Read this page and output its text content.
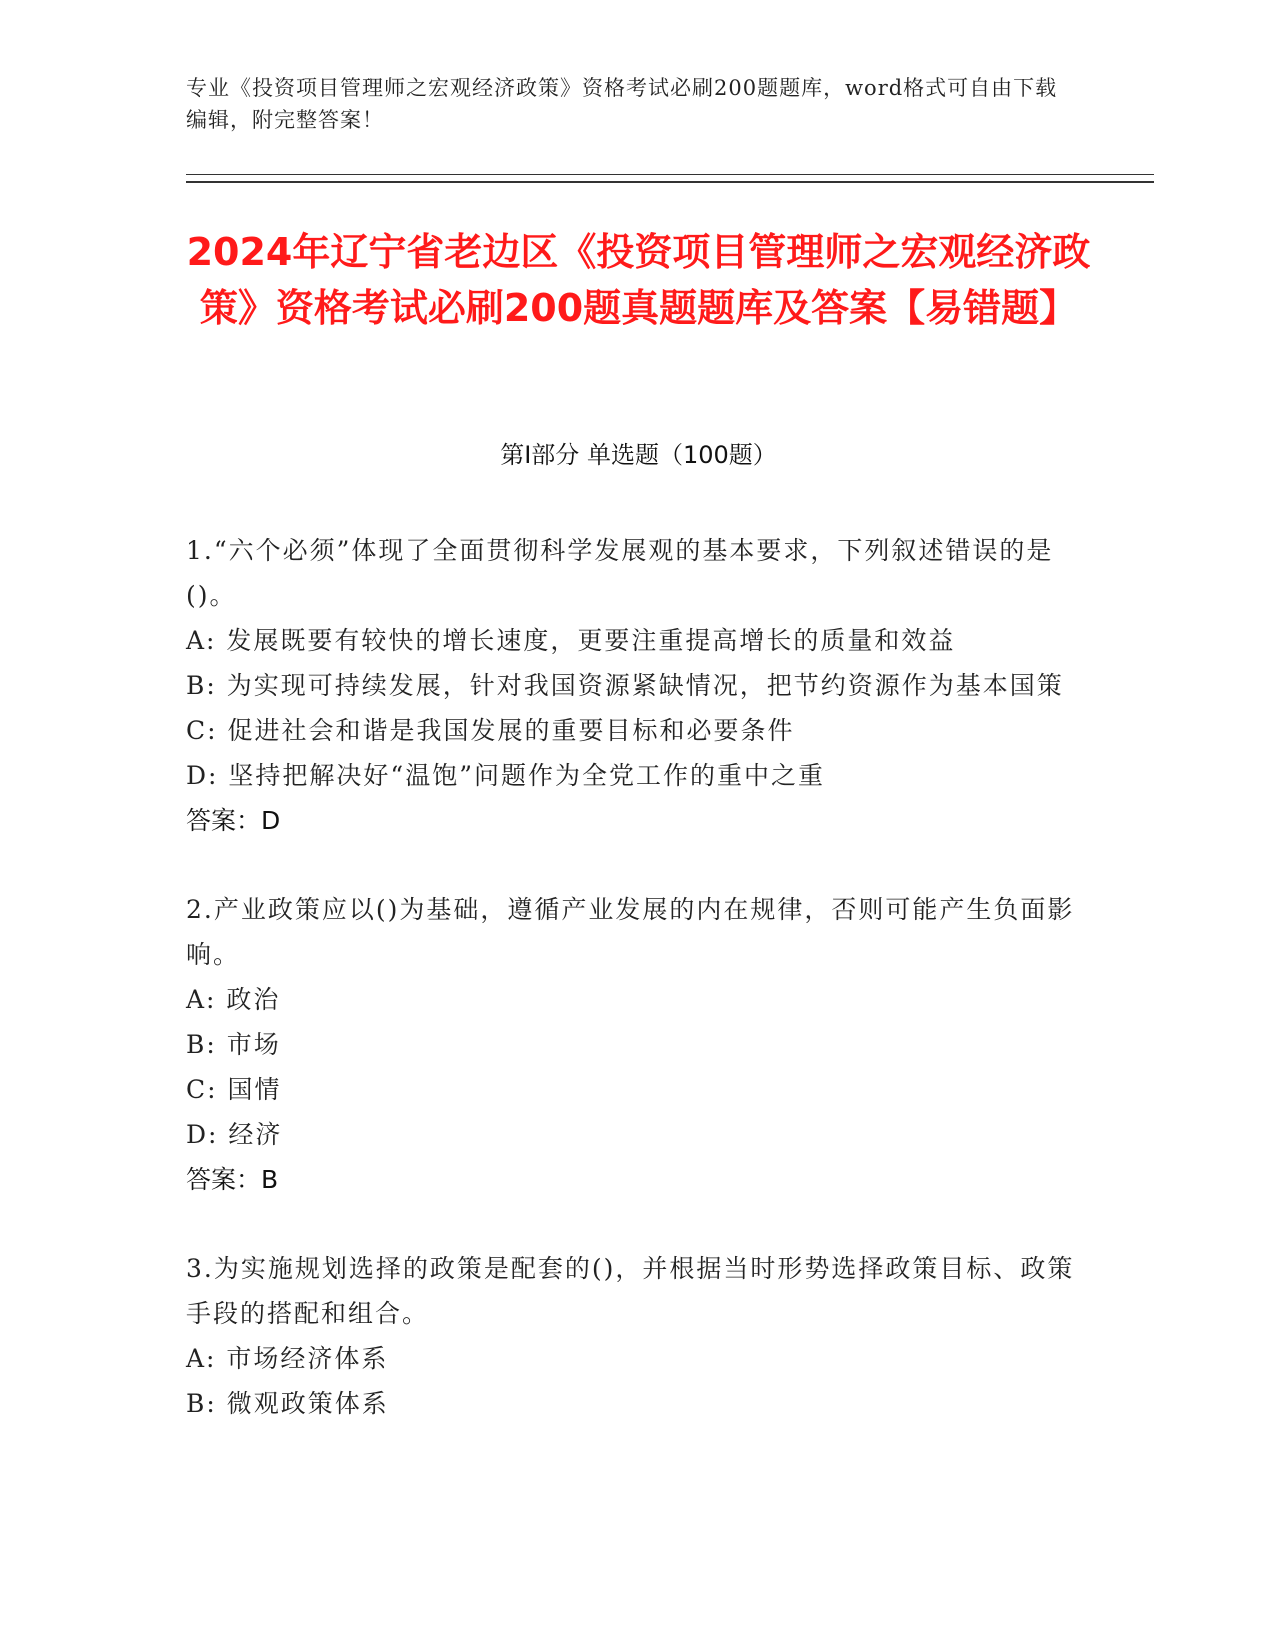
专业《投资项目管理师之宏观经济政策》资格考试必刷200题题库，word格式可自由下载编辑，附完整答案！
2024年辽宁省老边区《投资项目管理师之宏观经济政策》资格考试必刷200题真题题库及答案【易错题】
第Ⅰ部分 单选题（100题）
1.“六个必须”体现了全面贯彻科学发展观的基本要求，下列叙述错误的是()。
A: 发展既要有较快的增长速度，更要注重提高增长的质量和效益
B: 为实现可持续发展，针对我国资源紧缺情况，把节约资源作为基本国策
C: 促进社会和谐是我国发展的重要目标和必要条件
D: 坚持把解决好“温饱”问题作为全党工作的重中之重
答案：D
2.产业政策应以()为基础，遵循产业发展的内在规律，否则可能产生负面影响。
A: 政治
B: 市场
C: 国情
D: 经济
答案：B
3.为实施规划选择的政策是配套的()，并根据当时形势选择政策目标、政策手段的搭配和组合。
A: 市场经济体系
B: 微观政策体系
